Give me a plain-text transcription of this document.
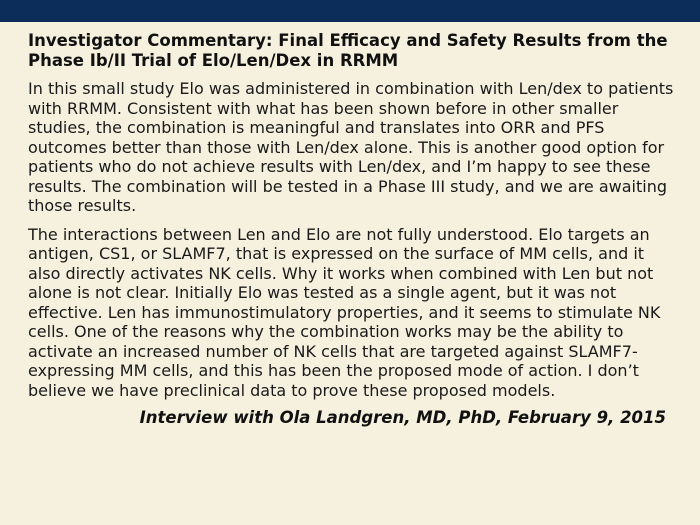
Investigator Commentary: Final Efficacy and Safety Results from the Phase Ib/II Trial of Elo/Len/Dex in RRMM

In this small study Elo was administered in combination with Len/dex to patients with RRMM. Consistent with what has been shown before in other smaller studies, the combination is meaningful and translates into ORR and PFS outcomes better than those with Len/dex alone. This is another good option for patients who do not achieve results with Len/dex, and I’m happy to see these results. The combination will be tested in a Phase III study, and we are awaiting those results.

The interactions between Len and Elo are not fully understood. Elo targets an antigen, CS1, or SLAMF7, that is expressed on the surface of MM cells, and it also directly activates NK cells. Why it works when combined with Len but not alone is not clear. Initially Elo was tested as a single agent, but it was not effective. Len has immunostimulatory properties, and it seems to stimulate NK cells. One of the reasons why the combination works may be the ability to activate an increased number of NK cells that are targeted against SLAMF7-expressing MM cells, and this has been the proposed mode of action. I don’t believe we have preclinical data to prove these proposed models.

Interview with Ola Landgren, MD, PhD, February 9, 2015
